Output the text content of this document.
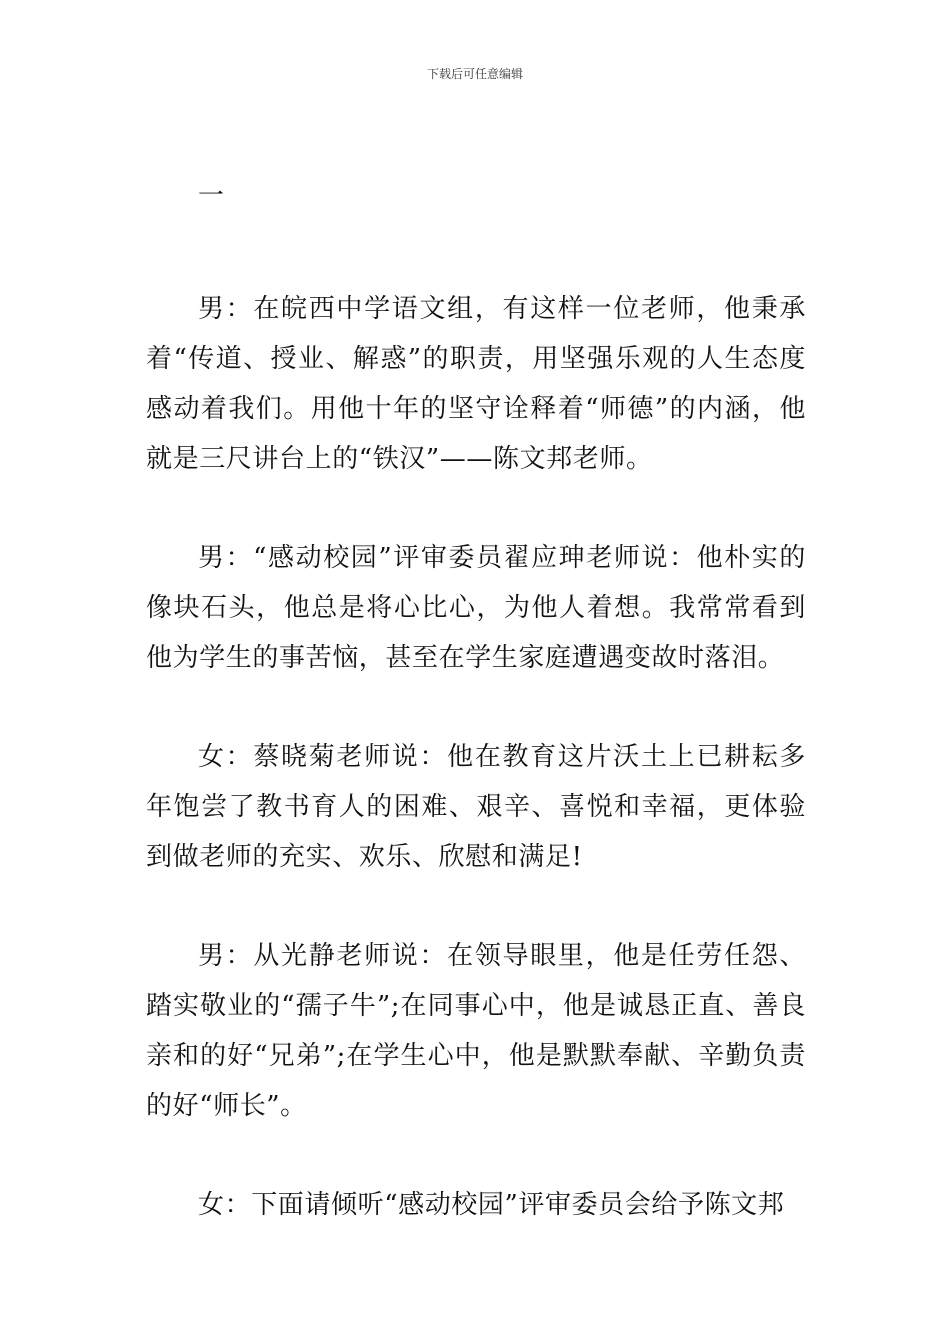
下载后可任意编辑
一

男：在皖西中学语文组，有这样一位老师，他秉承着“传道、授业、解惑”的职责，用坚强乐观的人生态度感动着我们。用他十年的坚守诠释着“师德”的内涵，他就是三尺讲台上的“铁汉”——陈文邦老师。

男：“感动校园”评审委员翟应珅老师说：他朴实的像块石头，他总是将心比心，为他人着想。我常常看到他为学生的事苦恼，甚至在学生家庭遭遇变故时落泪。

女：蔡晓菊老师说：他在教育这片沃土上已耕耘多年饱尝了教书育人的困难、艰辛、喜悦和幸福，更体验到做老师的充实、欢乐、欣慰和满足!

男：从光静老师说：在领导眼里，他是任劳任怨、踏实敬业的“孺子牛”;在同事心中，他是诚恳正直、善良亲和的好“兄弟”;在学生心中，他是默默奉献、辛勤负责的好“师长”。

女：下面请倾听“感动校园”评审委员会给予陈文邦
